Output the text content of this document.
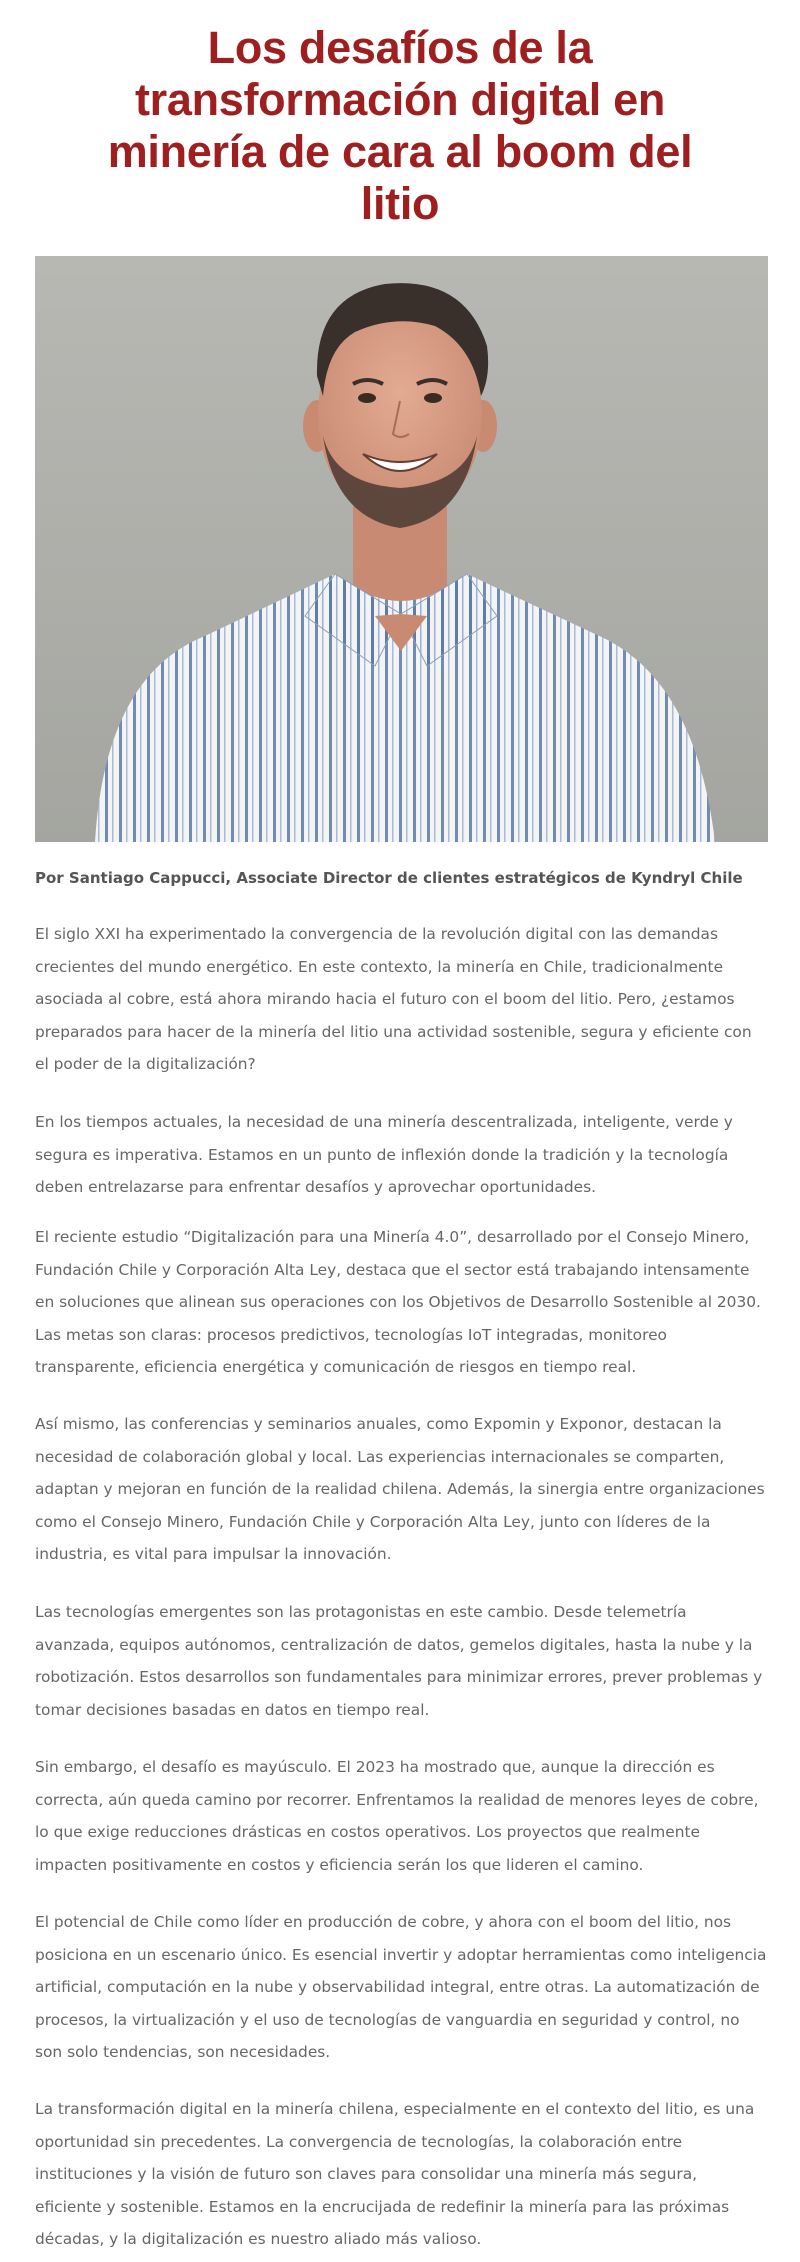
Los desafíos de la transformación digital en minería de cara al boom del litio

Por Santiago Cappucci, Associate Director de clientes estratégicos de Kyndryl Chile

El siglo XXI ha experimentado la convergencia de la revolución digital con las demandas crecientes del mundo energético. En este contexto, la minería en Chile, tradicionalmente asociada al cobre, está ahora mirando hacia el futuro con el boom del litio. Pero, ¿estamos preparados para hacer de la minería del litio una actividad sostenible, segura y eficiente con el poder de la digitalización?

En los tiempos actuales, la necesidad de una minería descentralizada, inteligente, verde y segura es imperativa. Estamos en un punto de inflexión donde la tradición y la tecnología deben entrelazarse para enfrentar desafíos y aprovechar oportunidades.

El reciente estudio “Digitalización para una Minería 4.0”, desarrollado por el Consejo Minero, Fundación Chile y Corporación Alta Ley, destaca que el sector está trabajando intensamente en soluciones que alinean sus operaciones con los Objetivos de Desarrollo Sostenible al 2030. Las metas son claras: procesos predictivos, tecnologías IoT integradas, monitoreo transparente, eficiencia energética y comunicación de riesgos en tiempo real.

Así mismo, las conferencias y seminarios anuales, como Expomin y Exponor, destacan la necesidad de colaboración global y local. Las experiencias internacionales se comparten, adaptan y mejoran en función de la realidad chilena. Además, la sinergia entre organizaciones como el Consejo Minero, Fundación Chile y Corporación Alta Ley, junto con líderes de la industria, es vital para impulsar la innovación.

Las tecnologías emergentes son las protagonistas en este cambio. Desde telemetría avanzada, equipos autónomos, centralización de datos, gemelos digitales, hasta la nube y la robotización. Estos desarrollos son fundamentales para minimizar errores, prever problemas y tomar decisiones basadas en datos en tiempo real.

Sin embargo, el desafío es mayúsculo. El 2023 ha mostrado que, aunque la dirección es correcta, aún queda camino por recorrer. Enfrentamos la realidad de menores leyes de cobre, lo que exige reducciones drásticas en costos operativos. Los proyectos que realmente impacten positivamente en costos y eficiencia serán los que lideren el camino.

El potencial de Chile como líder en producción de cobre, y ahora con el boom del litio, nos posiciona en un escenario único. Es esencial invertir y adoptar herramientas como inteligencia artificial, computación en la nube y observabilidad integral, entre otras. La automatización de procesos, la virtualización y el uso de tecnologías de vanguardia en seguridad y control, no son solo tendencias, son necesidades.

La transformación digital en la minería chilena, especialmente en el contexto del litio, es una oportunidad sin precedentes. La convergencia de tecnologías, la colaboración entre instituciones y la visión de futuro son claves para consolidar una minería más segura, eficiente y sostenible. Estamos en la encrucijada de redefinir la minería para las próximas décadas, y la digitalización es nuestro aliado más valioso.
